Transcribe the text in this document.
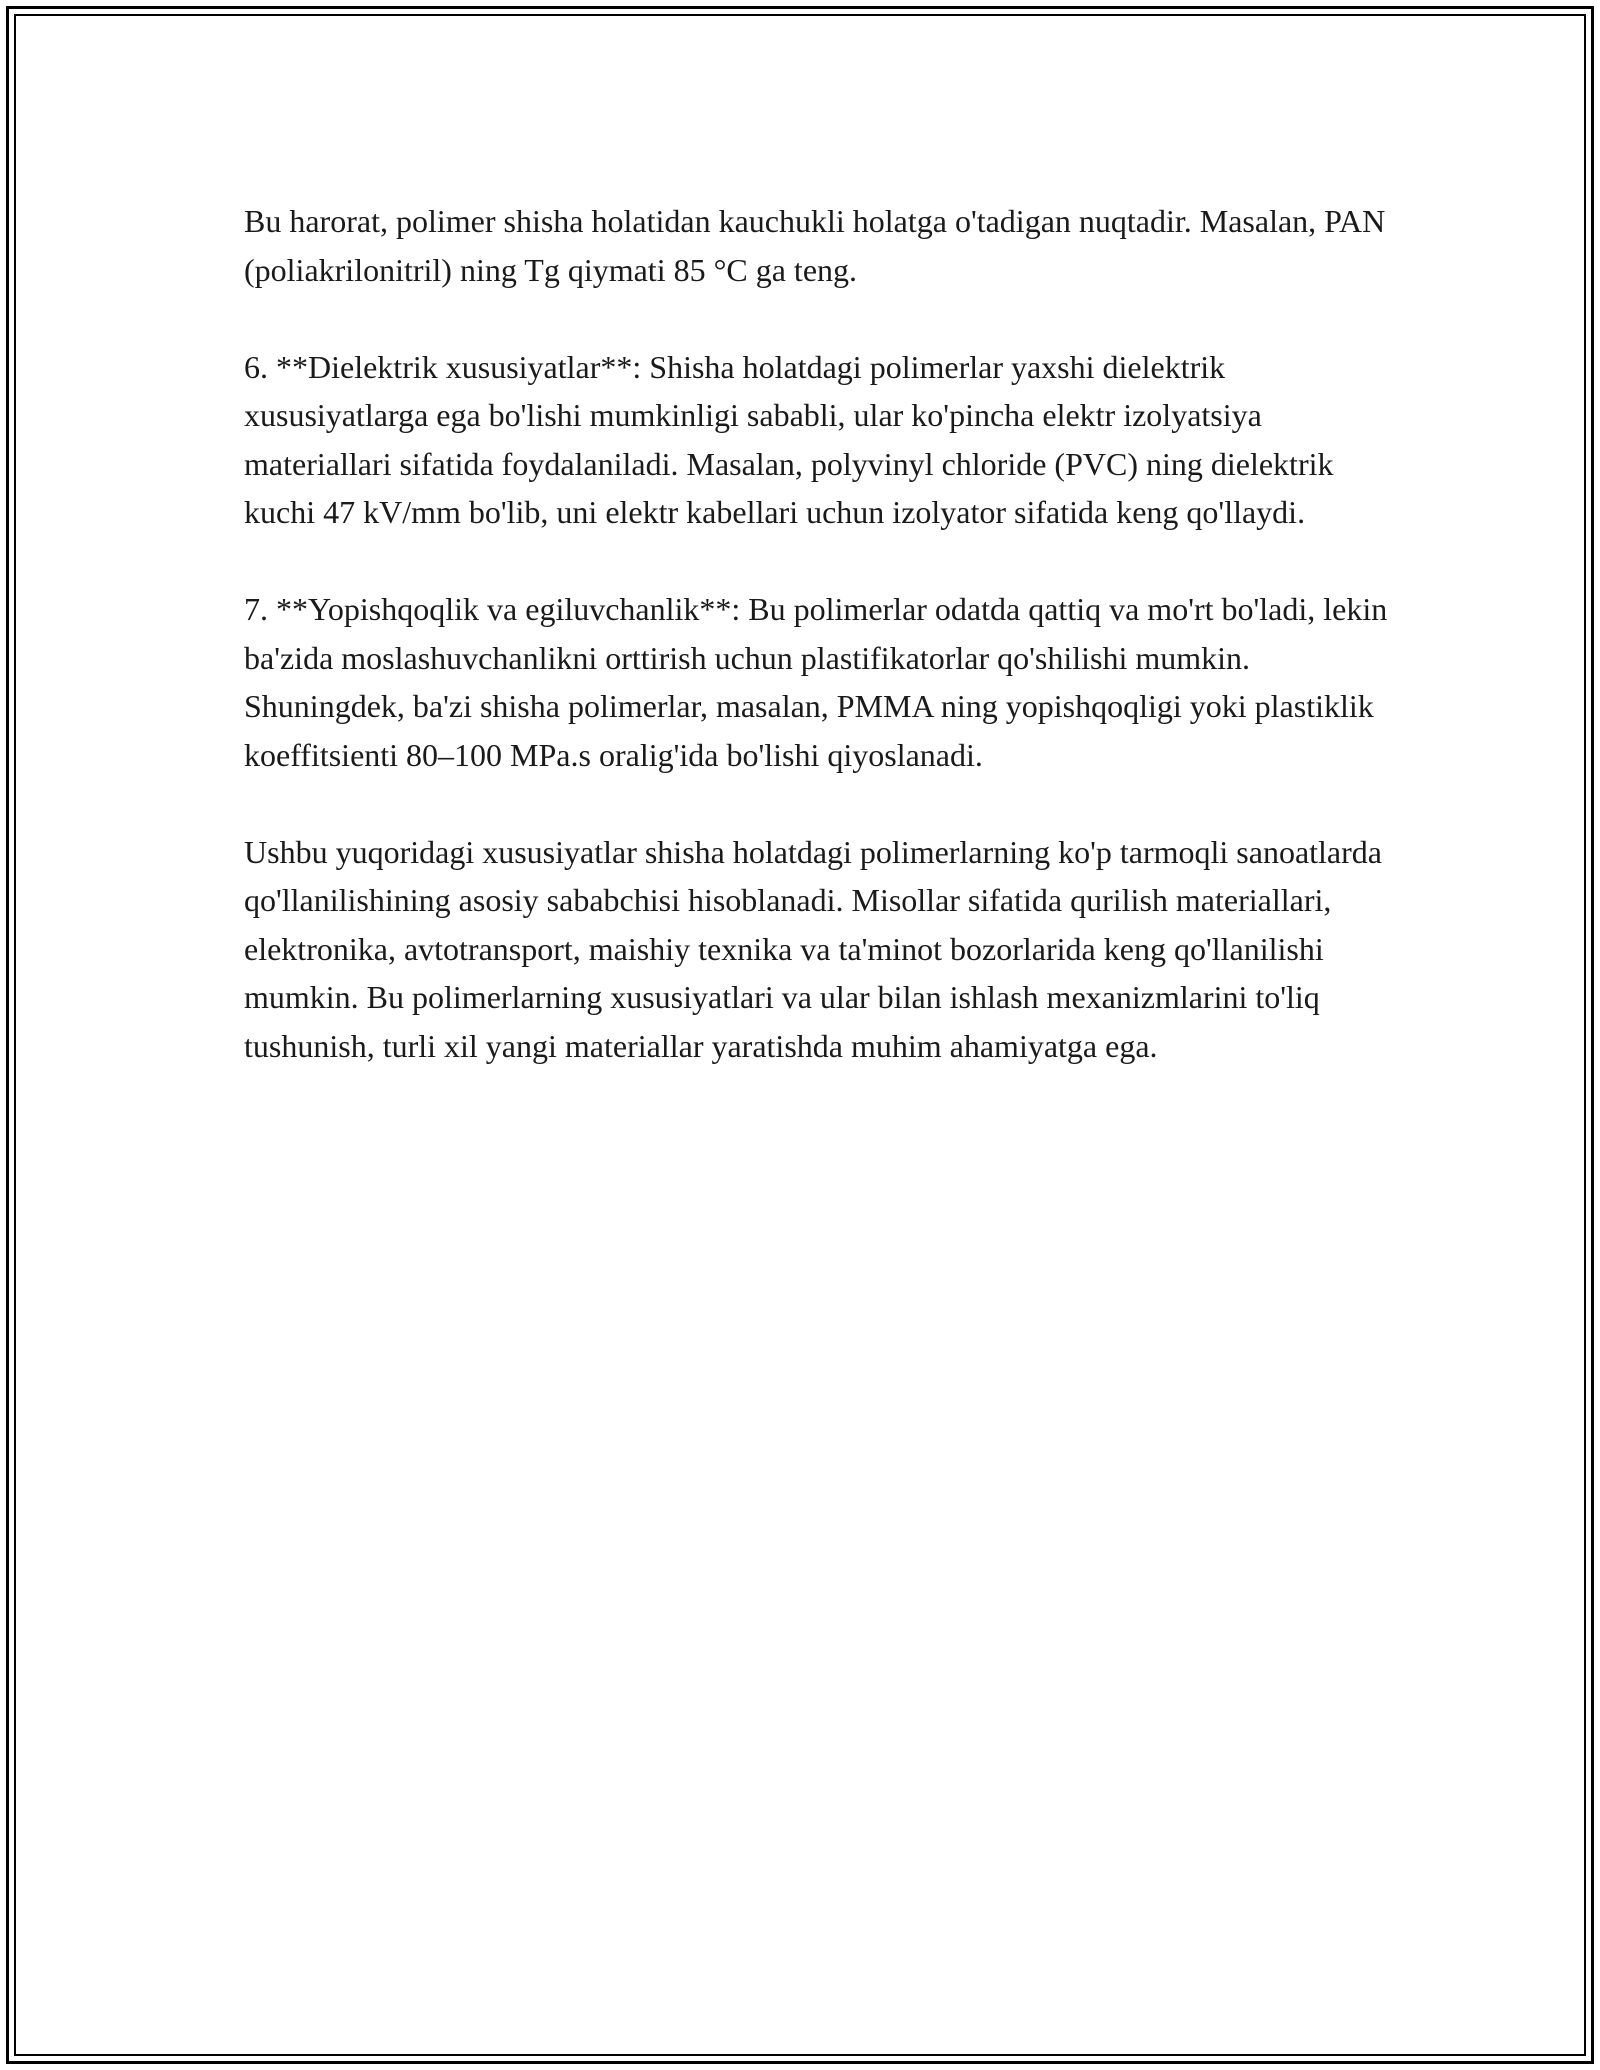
Bu harorat, polimer shisha holatidan kauchukli holatga o'tadigan nuqtadir. Masalan, PAN (poliakrilonitril) ning Tg qiymati 85 °C ga teng.

6. **Dielektrik xususiyatlar**: Shisha holatdagi polimerlar yaxshi dielektrik xususiyatlarga ega bo'lishi mumkinligi sababli, ular ko'pincha elektr izolyatsiya materiallari sifatida foydalaniladi. Masalan, polyvinyl chloride (PVC) ning dielektrik kuchi 47 kV/mm bo'lib, uni elektr kabellari uchun izolyator sifatida keng qo'llaydi.

7. **Yopishqoqlik va egiluvchanlik**: Bu polimerlar odatda qattiq va mo'rt bo'ladi, lekin ba'zida moslashuvchanlikni orttirish uchun plastifikatorlar qo'shilishi mumkin. Shuningdek, ba'zi shisha polimerlar, masalan, PMMA ning yopishqoqligi yoki plastiklik koeffitsienti 80–100 MPa.s oralig'ida bo'lishi qiyoslanadi.

Ushbu yuqoridagi xususiyatlar shisha holatdagi polimerlarning ko'p tarmoqli sanoatlarda qo'llanilishining asosiy sababchisi hisoblanadi. Misollar sifatida qurilish materiallari, elektronika, avtotransport, maishiy texnika va ta'minot bozorlarida keng qo'llanilishi mumkin. Bu polimerlarning xususiyatlari va ular bilan ishlash mexanizmlarini to'liq tushunish, turli xil yangi materiallar yaratishda muhim ahamiyatga ega.
